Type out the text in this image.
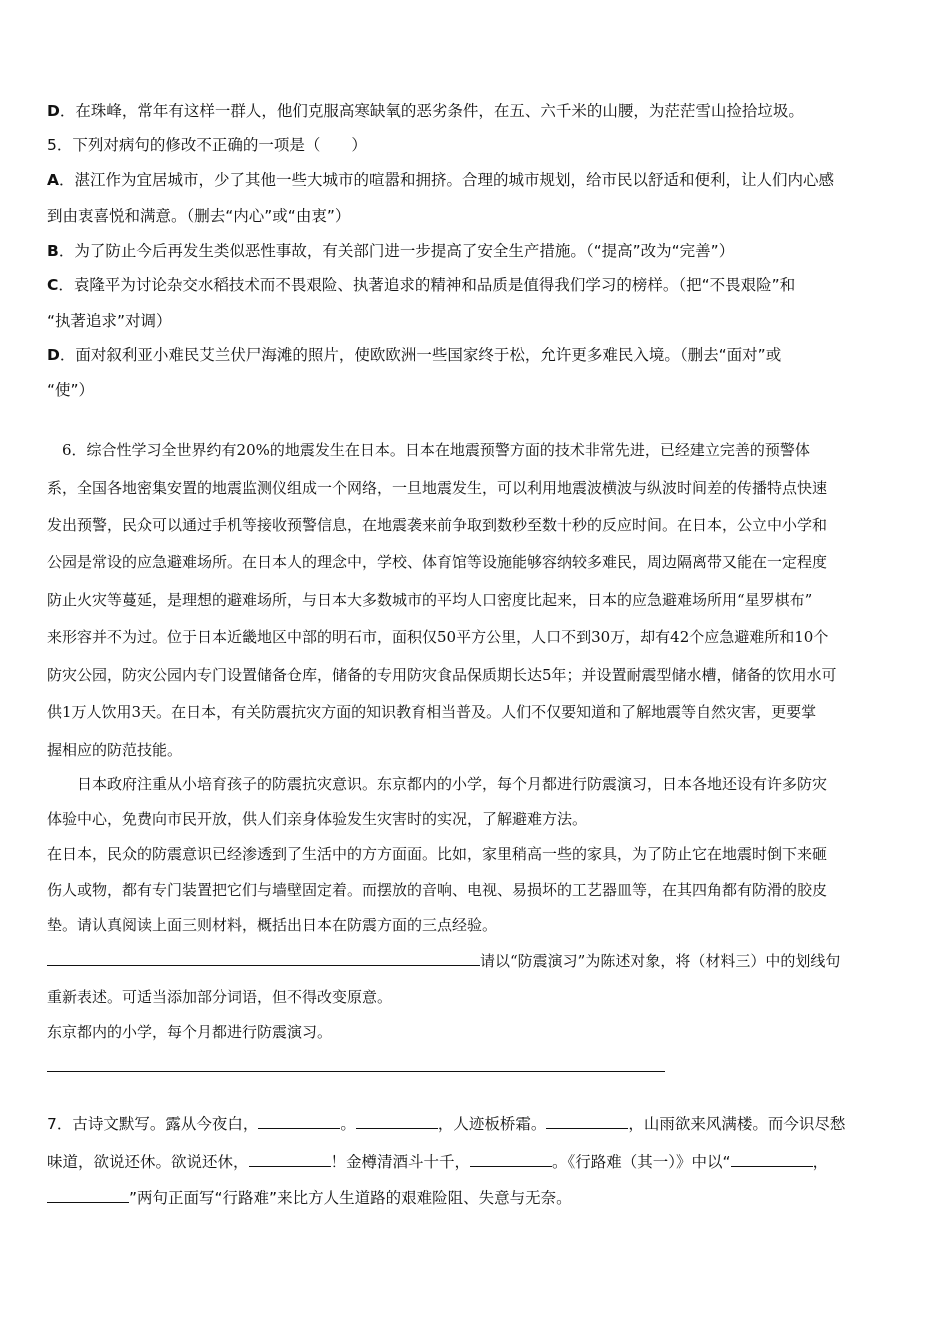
D．在珠峰，常年有这样一群人，他们克服高寒缺氧的恶劣条件，在五、六千米的山腰，为茫茫雪山捡拾垃圾。
5．下列对病句的修改不正确的一项是（　　）
A．湛江作为宜居城市，少了其他一些大城市的喧嚣和拥挤。合理的城市规划，给市民以舒适和便利，让人们内心感
到由衷喜悦和满意。（删去“内心”或“由衷”）
B．为了防止今后再发生类似恶性事故，有关部门进一步提高了安全生产措施。（“提高”改为“完善”）
C．袁隆平为讨论杂交水稻技术而不畏艰险、执著追求的精神和品质是值得我们学习的榜样。（把“不畏艰险”和
“执著追求”对调）
D．面对叙利亚小难民艾兰伏尸海滩的照片，使欧欧洲一些国家终于松，允许更多难民入境。（删去“面对”或
“使”）
　6．综合性学习全世界约有20%的地震发生在日本。日本在地震预警方面的技术非常先进，已经建立完善的预警体
系，全国各地密集安置的地震监测仪组成一个网络，一旦地震发生，可以利用地震波横波与纵波时间差的传播特点快速
发出预警，民众可以通过手机等接收预警信息，在地震袭来前争取到数秒至数十秒的反应时间。在日本，公立中小学和
公园是常设的应急避难场所。在日本人的理念中，学校、体育馆等设施能够容纳较多难民，周边隔离带又能在一定程度
防止火灾等蔓延，是理想的避难场所，与日本大多数城市的平均人口密度比起来，日本的应急避难场所用“星罗棋布”
来形容并不为过。位于日本近畿地区中部的明石市，面积仅50平方公里，人口不到30万，却有42个应急避难所和10个
防灾公园，防灾公园内专门设置储备仓库，储备的专用防灾食品保质期长达5年；并设置耐震型储水槽，储备的饮用水可
供1万人饮用3天。在日本，有关防震抗灾方面的知识教育相当普及。人们不仅要知道和了解地震等自然灾害，更要掌
握相应的防范技能。
　　日本政府注重从小培育孩子的防震抗灾意识。东京都内的小学，每个月都进行防震演习，日本各地还设有许多防灾
体验中心，免费向市民开放，供人们亲身体验发生灾害时的实况，了解避难方法。
在日本，民众的防震意识已经渗透到了生活中的方方面面。比如，家里稍高一些的家具，为了防止它在地震时倒下来砸
伤人或物，都有专门装置把它们与墙壁固定着。而摆放的音响、电视、易损坏的工艺器皿等，在其四角都有防滑的胶皮
垫。请认真阅读上面三则材料，概括出日本在防震方面的三点经验。
请以“防震演习”为陈述对象，将（材料三）中的划线句
重新表述。可适当添加部分词语，但不得改变原意。
东京都内的小学，每个月都进行防震演习。
7．古诗文默写。露从今夜白，	。	，人迹板桥霜。	，山雨欲来风满楼。而今识尽愁
味道，欲说还休。欲说还休，	！金樽清酒斗十千，	。《行路难（其一）》中以“	，
”两句正面写“行路难”来比方人生道路的艰难险阻、失意与无奈。
